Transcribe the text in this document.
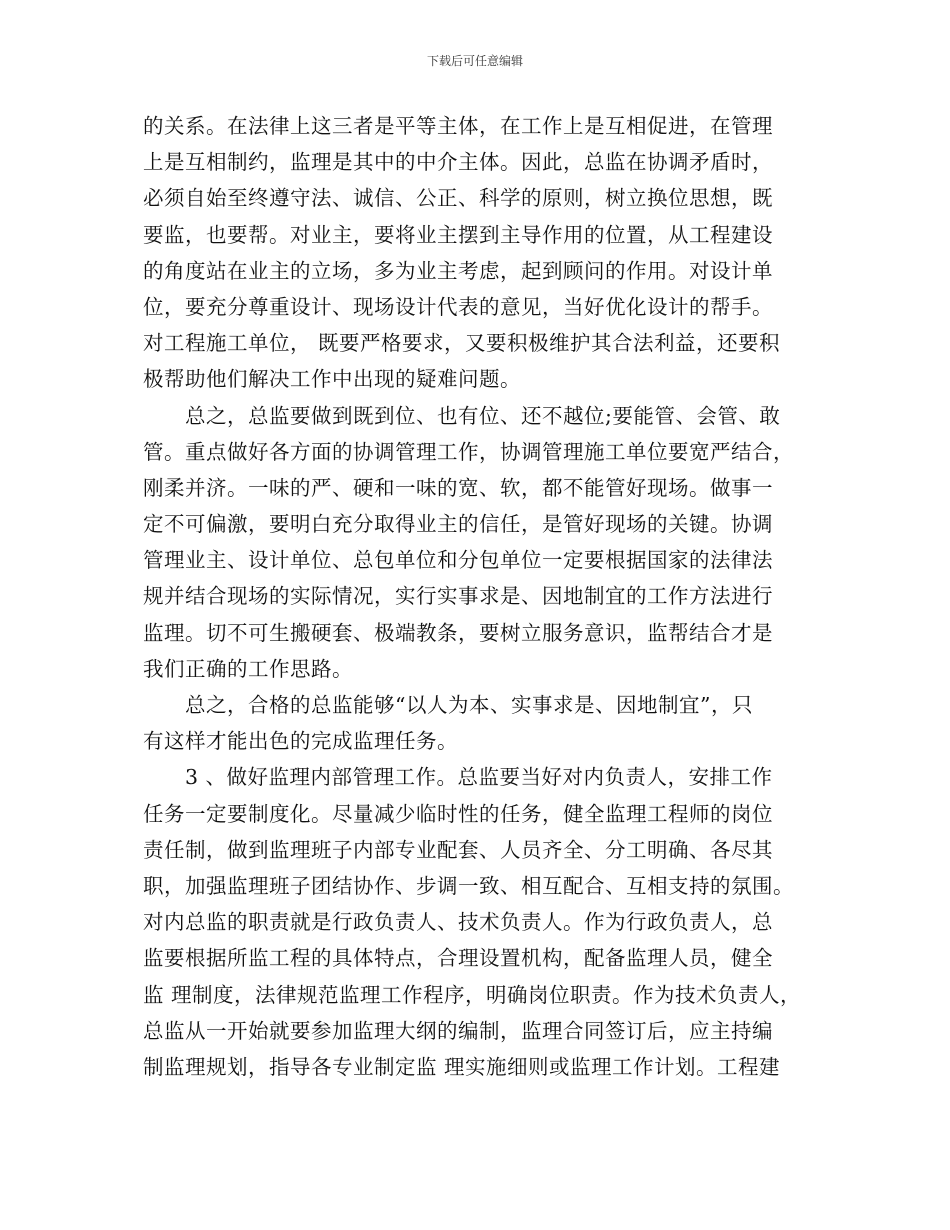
下载后可任意编辑
的关系。在法律上这三者是平等主体，在工作上是互相促进，在管理
上是互相制约，监理是其中的中介主体。因此，总监在协调矛盾时，
必须自始至终遵守法、诚信、公正、科学的原则，树立换位思想，既
要监，也要帮。对业主，要将业主摆到主导作用的位置，从工程建设
的角度站在业主的立场，多为业主考虑，起到顾问的作用。对设计单
位，要充分尊重设计、现场设计代表的意见，当好优化设计的帮手。
对工程施工单位， 既要严格要求，又要积极维护其合法利益，还要积
极帮助他们解决工作中出现的疑难问题。
　　总之，总监要做到既到位、也有位、还不越位;要能管、会管、敢
管。重点做好各方面的协调管理工作，协调管理施工单位要宽严结合，
刚柔并济。一味的严、硬和一味的宽、软，都不能管好现场。做事一
定不可偏激，要明白充分取得业主的信任，是管好现场的关键。协调
管理业主、设计单位、总包单位和分包单位一定要根据国家的法律法
规并结合现场的实际情况，实行实事求是、因地制宜的工作方法进行
监理。切不可生搬硬套、极端教条，要树立服务意识，监帮结合才是
我们正确的工作思路。
　　总之，合格的总监能够“以人为本、实事求是、因地制宜”，只
有这样才能出色的完成监理任务。
　　3 、做好监理内部管理工作。总监要当好对内负责人，安排工作
任务一定要制度化。尽量减少临时性的任务，健全监理工程师的岗位
责任制，做到监理班子内部专业配套、人员齐全、分工明确、各尽其
职，加强监理班子团结协作、步调一致、相互配合、互相支持的氛围。
对内总监的职责就是行政负责人、技术负责人。作为行政负责人，总
监要根据所监工程的具体特点，合理设置机构，配备监理人员，健全
监 理制度，法律规范监理工作程序，明确岗位职责。作为技术负责人，
总监从一开始就要参加监理大纲的编制，监理合同签订后，应主持编
制监理规划，指导各专业制定监 理实施细则或监理工作计划。工程建
